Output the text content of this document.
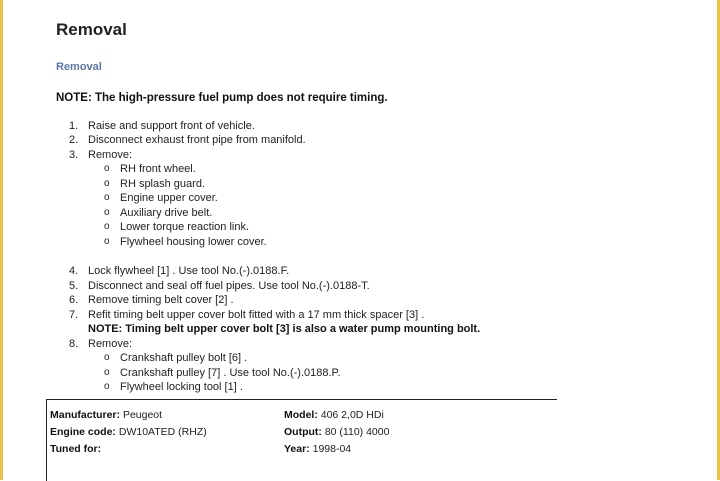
Removal
Removal
NOTE: The high-pressure fuel pump does not require timing.
1. Raise and support front of vehicle.
2. Disconnect exhaust front pipe from manifold.
3. Remove:
o RH front wheel.
o RH splash guard.
o Engine upper cover.
o Auxiliary drive belt.
o Lower torque reaction link.
o Flywheel housing lower cover.
4. Lock flywheel [1] . Use tool No.(-).0188.F.
5. Disconnect and seal off fuel pipes. Use tool No.(-).0188-T.
6. Remove timing belt cover [2] .
7. Refit timing belt upper cover bolt fitted with a 17 mm thick spacer [3] .
NOTE: Timing belt upper cover bolt [3] is also a water pump mounting bolt.
8. Remove:
o Crankshaft pulley bolt [6] .
o Crankshaft pulley [7] . Use tool No.(-).0188.P.
o Flywheel locking tool [1] .
Manufacturer: Peugeot
Engine code: DW10ATED (RHZ)
Tuned for:
Model: 406 2,0D HDi
Output: 80 (110) 4000
Year: 1998-04
